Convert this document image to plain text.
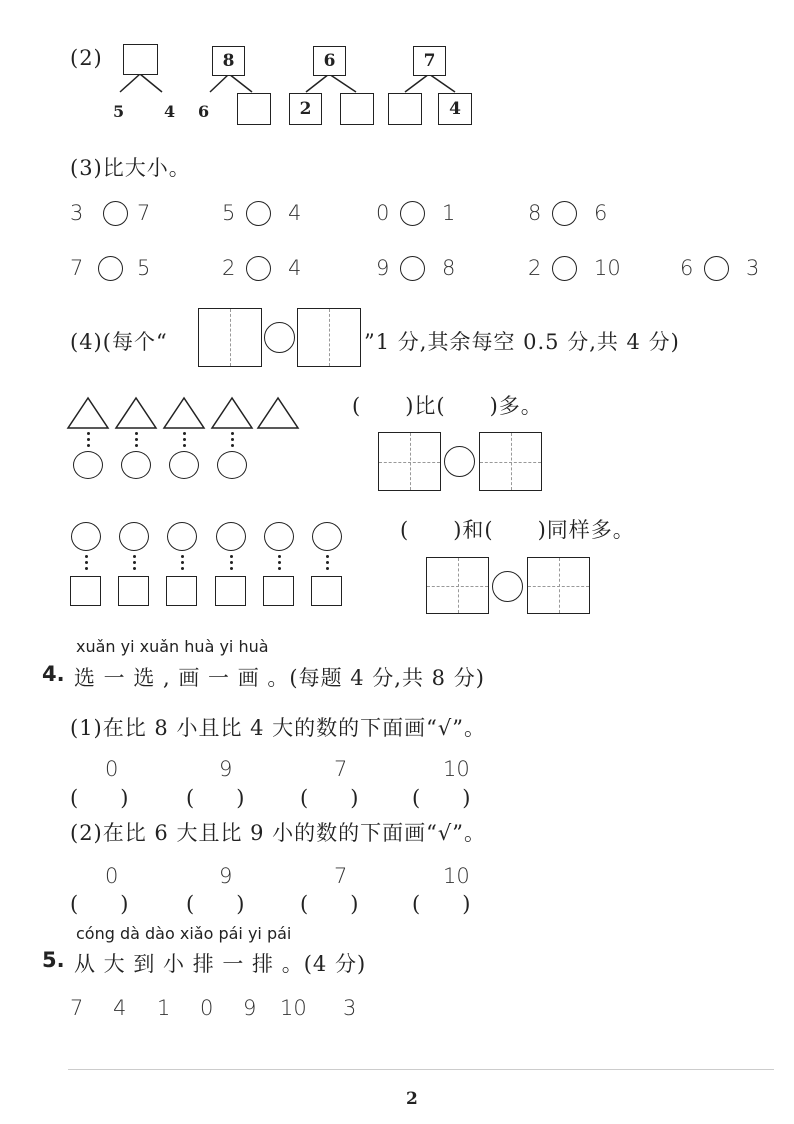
(2)
5 4
8
6
6
2
7
4
(3)比大小。
3	7	5	4	0	1	8	6
7	5	2	4	9	8	2	10	6	3
(4)(每个“	”1 分,其余每空 0.5 分,共 4 分)
(　　)比(　　)多。
(　　)和(　　)同样多。
xuǎn yi xuǎn huà yi huà
4. 选 一 选 , 画 一 画 。(每题 4 分,共 8 分)
(1)在比 8 小且比 4 大的数的下面画“√”。
0	9	7	10
(　　)	(　　)	(　　)	(　　)
(2)在比 6 大且比 9 小的数的下面画“√”。
0	9	7	10
(　　)	(　　)	(　　)	(　　)
cóng dà dào xiǎo pái yi pái
5. 从 大 到 小 排 一 排 。(4 分)
7 4 1 0 9 10 3
2
